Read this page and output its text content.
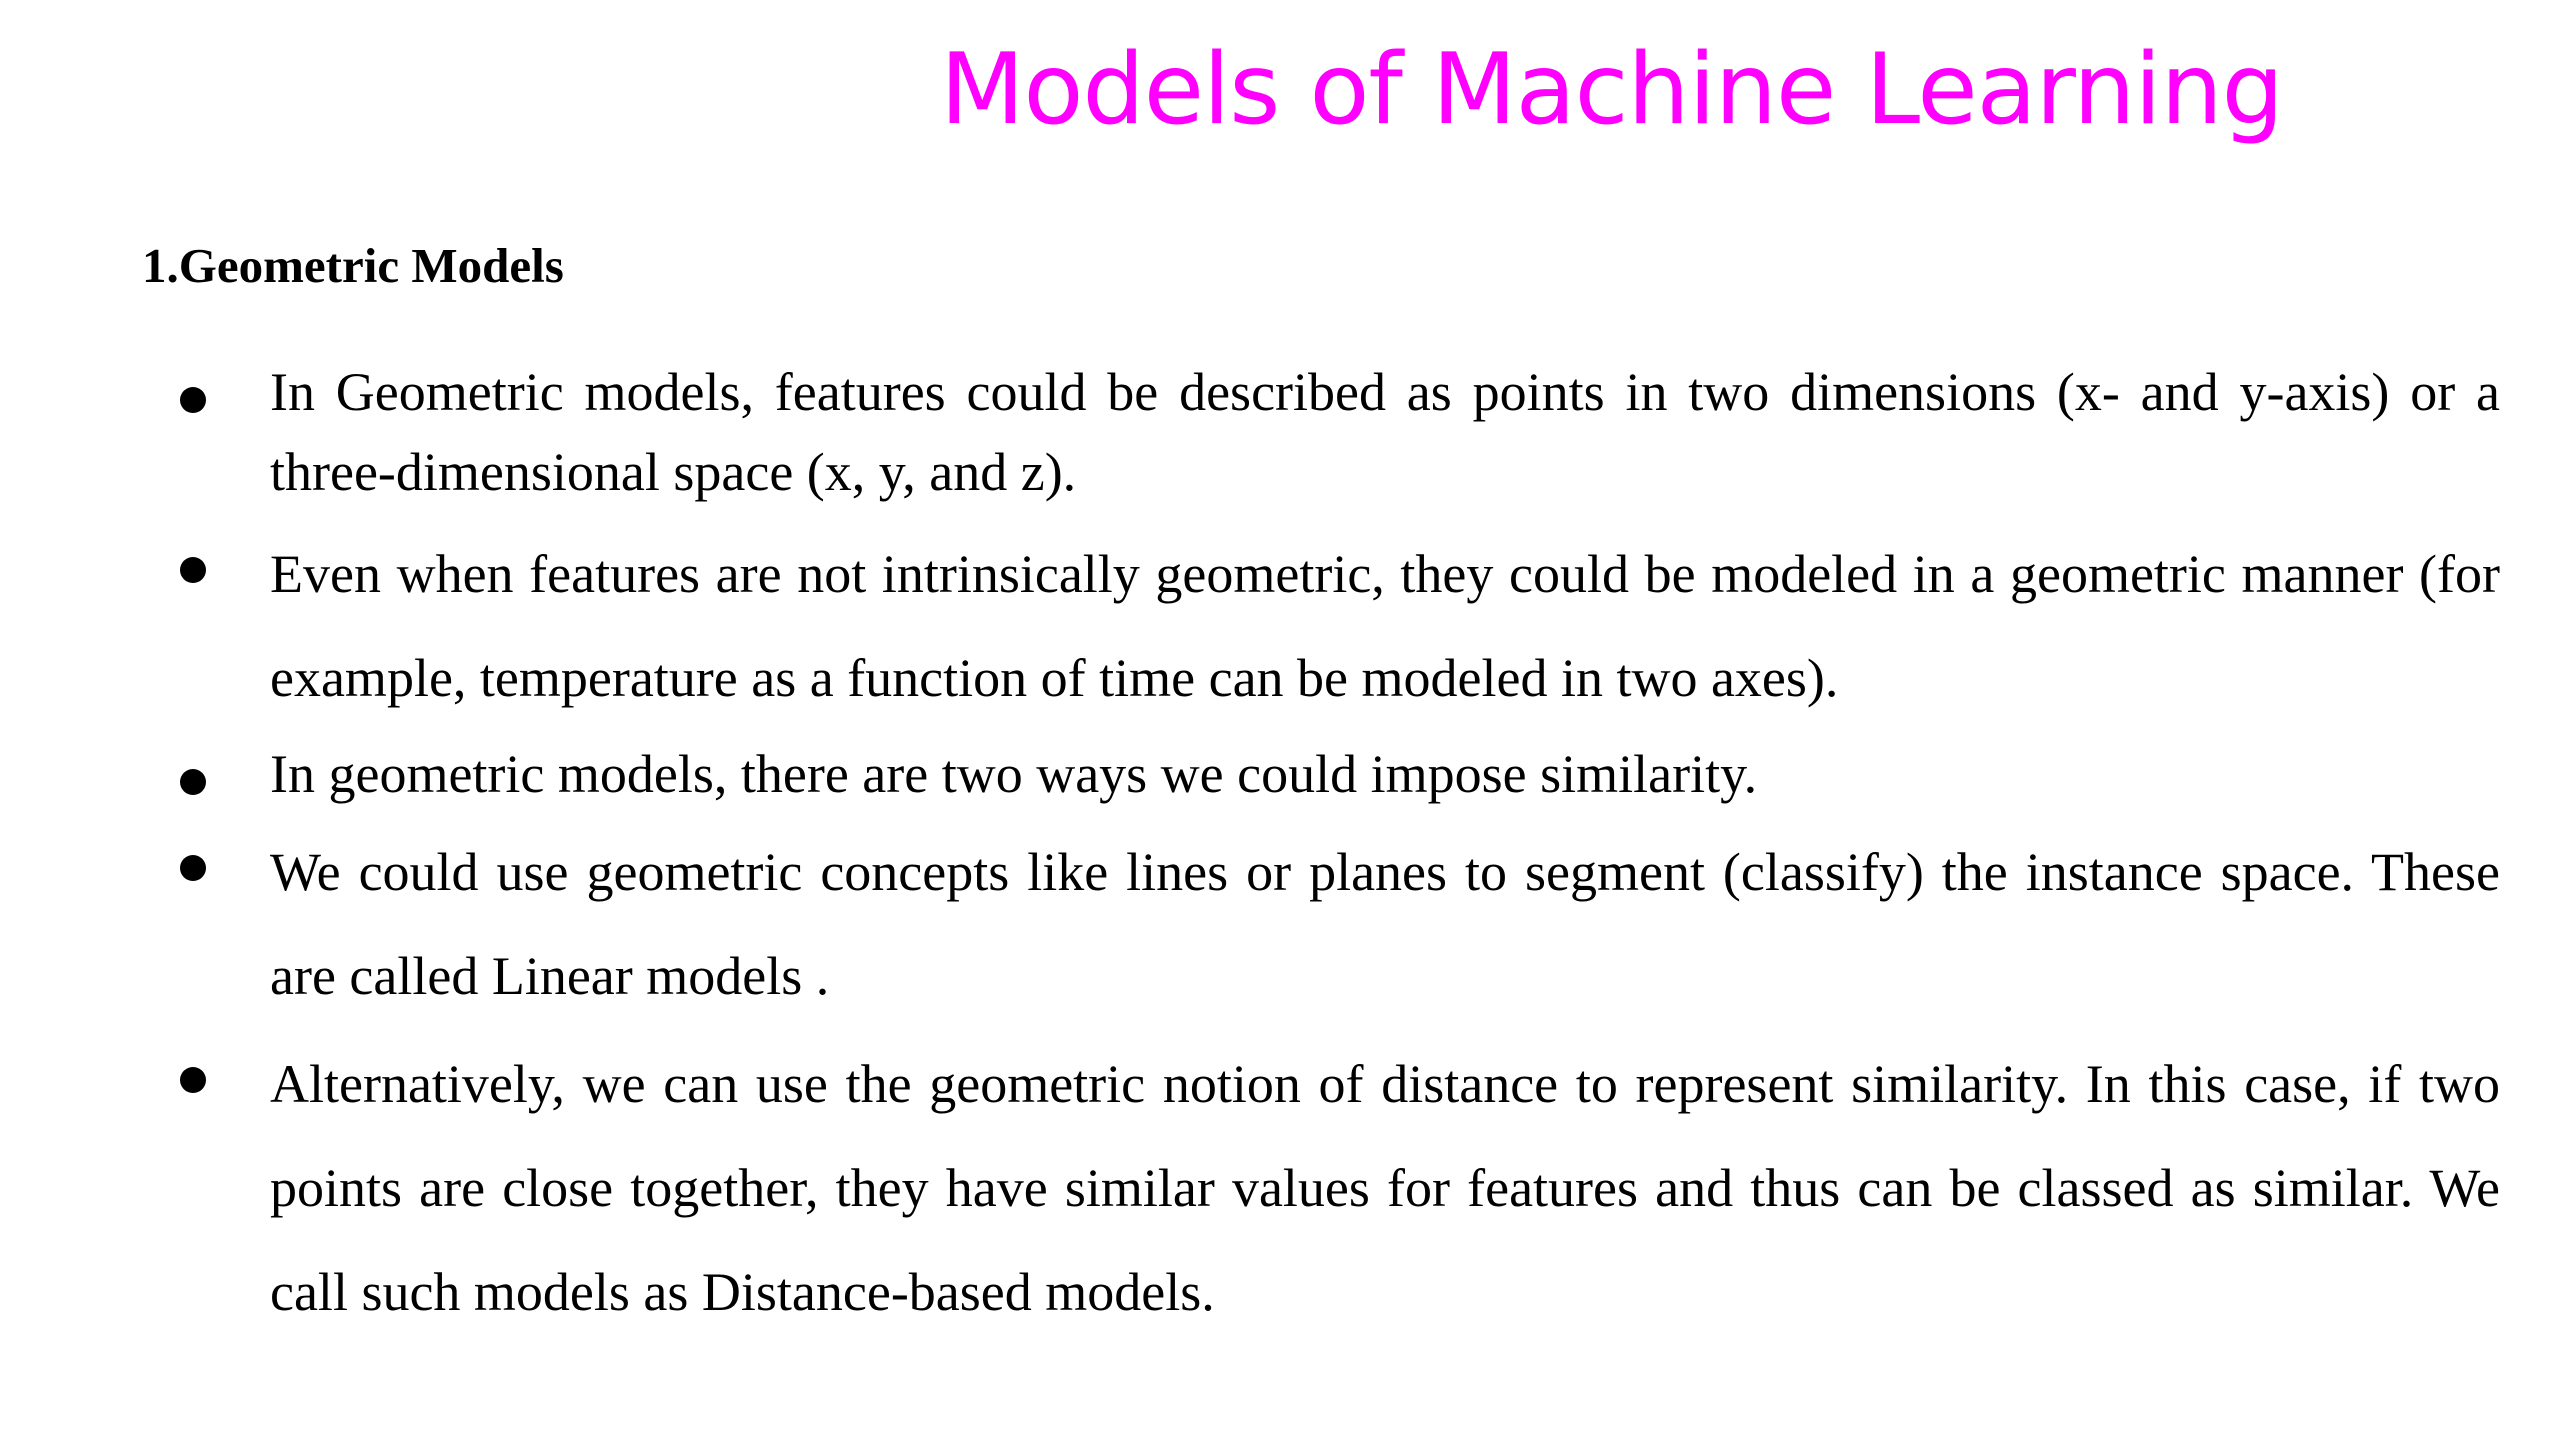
Models of Machine Learning
1.Geometric Models

In Geometric models, features could be described as points in two dimensions (x- and y-axis) or a three-dimensional space (x, y, and z).

Even when features are not intrinsically geometric, they could be modeled in a geometric manner (for example, temperature as a function of time can be modeled in two axes).

In geometric models, there are two ways we could impose similarity.

We could use geometric concepts like lines or planes to segment (classify) the instance space. These are called Linear models .

Alternatively, we can use the geometric notion of distance to represent similarity. In this case, if two points are close together, they have similar values for features and thus can be classed as similar. We call such models as Distance-based models.
